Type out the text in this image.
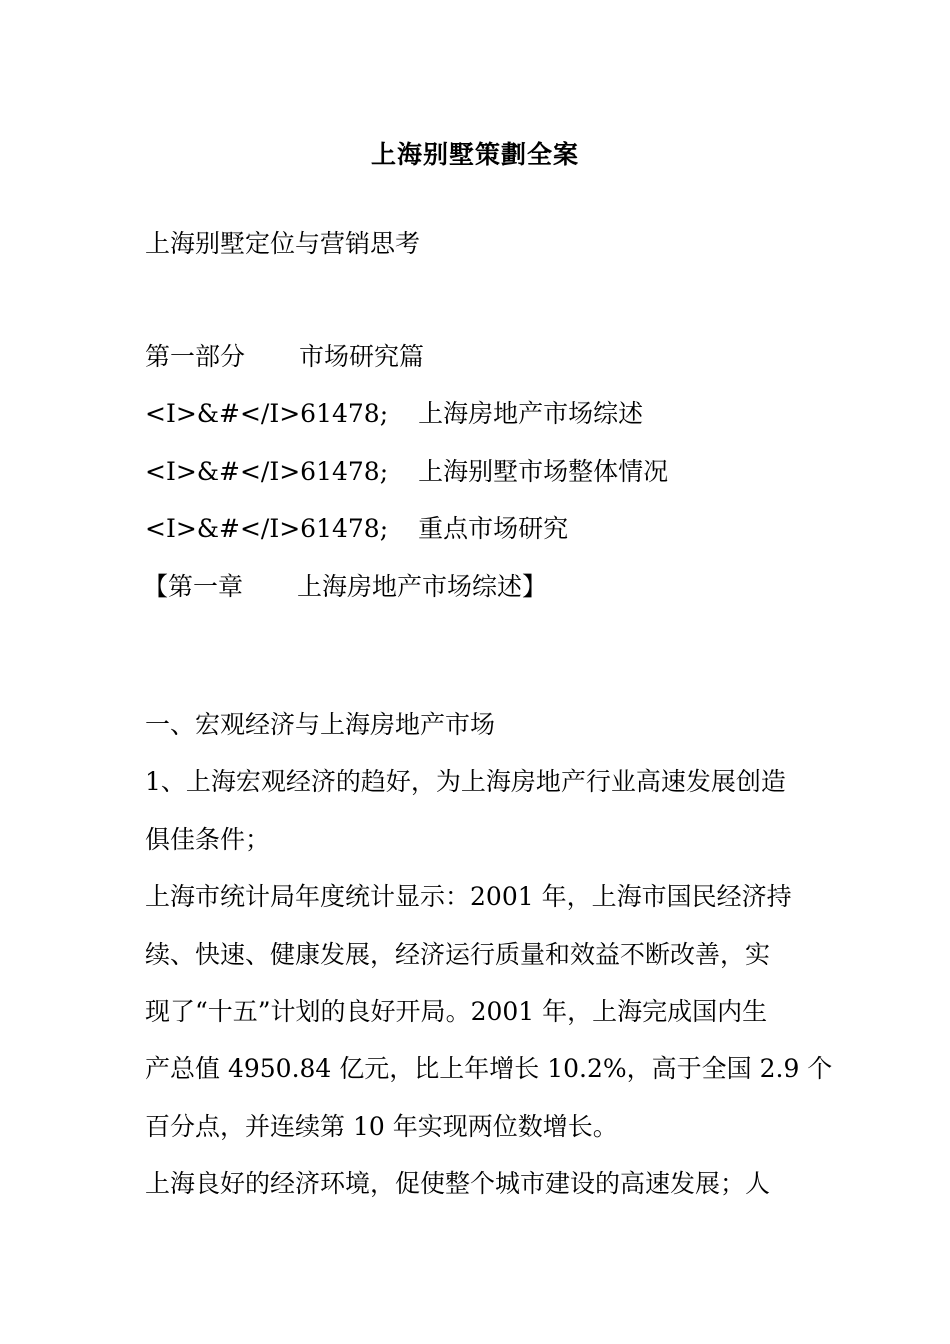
上海别墅策劃全案
上海别墅定位与营销思考
第一部分 市场研究篇
<I>&#</I>61478; 上海房地产市场综述
<I>&#</I>61478; 上海别墅市场整体情况
<I>&#</I>61478; 重点市场研究
【第一章 上海房地产市场综述】
一、宏观经济与上海房地产市场
1、上海宏观经济的趋好，为上海房地产行业高速发展创造
俱佳条件；
上海市统计局年度统计显示：2001 年，上海市国民经济持
续、快速、健康发展，经济运行质量和效益不断改善，实
现了“十五”计划的良好开局。2001 年，上海完成国内生
产总值 4950.84 亿元，比上年增长 10.2%，高于全国 2.9 个
百分点，并连续第 10 年实现两位数增长。
上海良好的经济环境，促使整个城市建设的高速发展；人
